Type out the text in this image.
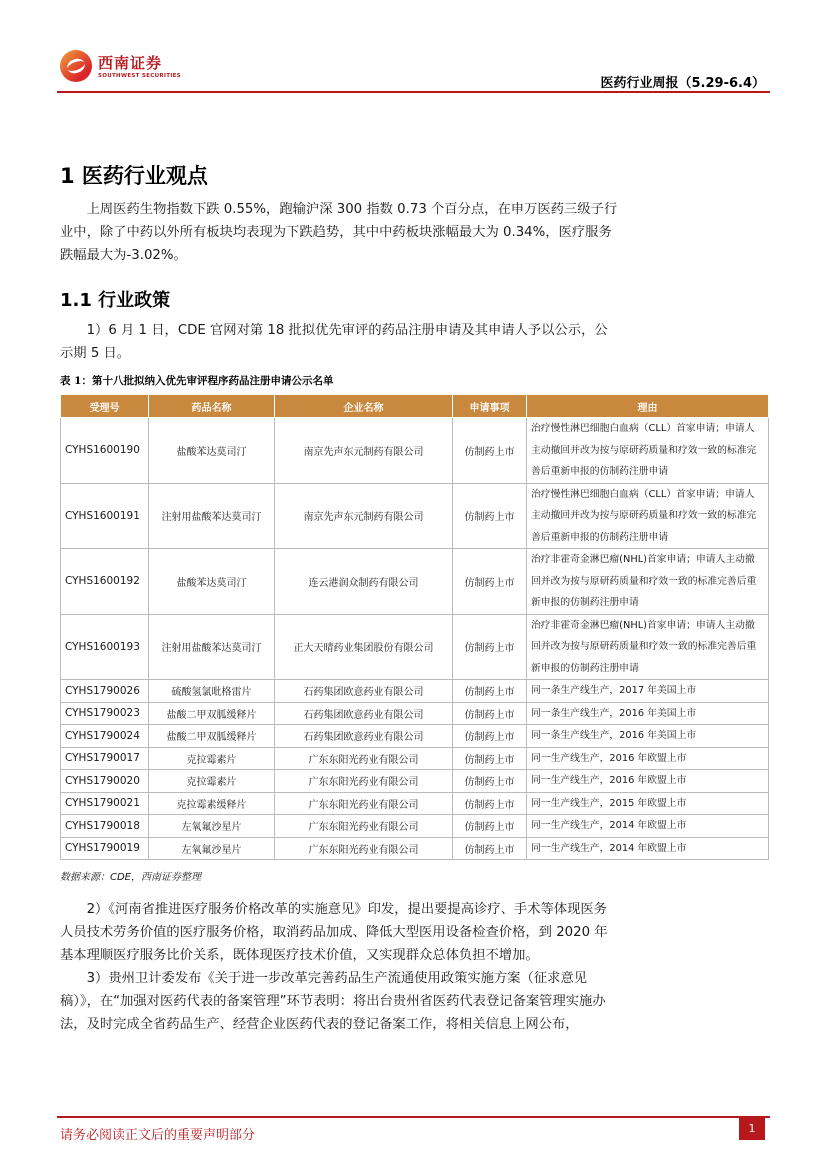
西南证券
SOUTHWEST SECURITIES	医药行业周报（5.29-6.4）
1 医药行业观点

上周医药生物指数下跌 0.55%，跑输沪深 300 指数 0.73 个百分点，在申万医药三级子行业中，除了中药以外所有板块均表现为下跌趋势，其中中药板块涨幅最大为 0.34%，医疗服务跌幅最大为-3.02%。

1.1 行业政策

1）6 月 1 日，CDE 官网对第 18 批拟优先审评的药品注册申请及其申请人予以公示，公示期 5 日。

表 1：第十八批拟纳入优先审评程序药品注册申请公示名单
受理号	药品名称	企业名称	申请事项	理由
CYHS1600190	盐酸苯达莫司汀	南京先声东元制药有限公司	仿制药上市	治疗慢性淋巴细胞白血病（CLL）首家申请；申请人主动撤回并改为按与原研药质量和疗效一致的标准完善后重新申报的仿制药注册申请
CYHS1600191	注射用盐酸苯达莫司汀	南京先声东元制药有限公司	仿制药上市	治疗慢性淋巴细胞白血病（CLL）首家申请；申请人主动撤回并改为按与原研药质量和疗效一致的标准完善后重新申报的仿制药注册申请
CYHS1600192	盐酸苯达莫司汀	连云港润众制药有限公司	仿制药上市	治疗非霍奇金淋巴瘤(NHL)首家申请；申请人主动撤回并改为按与原研药质量和疗效一致的标准完善后重新申报的仿制药注册申请
CYHS1600193	注射用盐酸苯达莫司汀	正大天晴药业集团股份有限公司	仿制药上市	治疗非霍奇金淋巴瘤(NHL)首家申请；申请人主动撤回并改为按与原研药质量和疗效一致的标准完善后重新申报的仿制药注册申请
CYHS1790026	硫酸氢氯吡格雷片	石药集团欧意药业有限公司	仿制药上市	同一条生产线生产，2017 年美国上市
CYHS1790023	盐酸二甲双胍缓释片	石药集团欧意药业有限公司	仿制药上市	同一条生产线生产，2016 年美国上市
CYHS1790024	盐酸二甲双胍缓释片	石药集团欧意药业有限公司	仿制药上市	同一条生产线生产，2016 年美国上市
CYHS1790017	克拉霉素片	广东东阳光药业有限公司	仿制药上市	同一生产线生产，2016 年欧盟上市
CYHS1790020	克拉霉素片	广东东阳光药业有限公司	仿制药上市	同一生产线生产，2016 年欧盟上市
CYHS1790021	克拉霉素缓释片	广东东阳光药业有限公司	仿制药上市	同一生产线生产，2015 年欧盟上市
CYHS1790018	左氧氟沙星片	广东东阳光药业有限公司	仿制药上市	同一生产线生产，2014 年欧盟上市
CYHS1790019	左氧氟沙星片	广东东阳光药业有限公司	仿制药上市	同一生产线生产，2014 年欧盟上市
数据来源：CDE，西南证券整理

2）《河南省推进医疗服务价格改革的实施意见》印发，提出要提高诊疗、手术等体现医务人员技术劳务价值的医疗服务价格，取消药品加成、降低大型医用设备检查价格，到 2020 年基本理顺医疗服务比价关系，既体现医疗技术价值，又实现群众总体负担不增加。

3）贵州卫计委发布《关于进一步改革完善药品生产流通使用政策实施方案（征求意见稿）》，在“加强对医药代表的备案管理”环节表明：将出台贵州省医药代表登记备案管理实施办法，及时完成全省药品生产、经营企业医药代表的登记备案工作，将相关信息上网公布，

请务必阅读正文后的重要声明部分	1
